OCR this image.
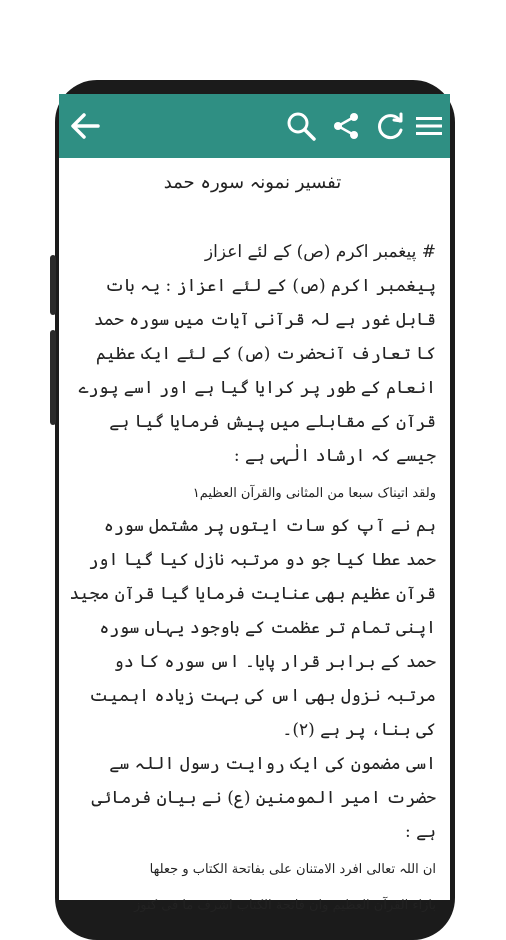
تفسیر نمونہ سورہ حمد

# پیغمبر اکرم (ص) کے لئے اعزاز

پیغمبر اکرم (ص) کے لئے اعزاز : یہ بات قابل غور ہے لہ قرآنی آیات میں سورہ حمد کا تعارف آنحضرت (ص) کے لئے ایک عظیم انعام کے طور پر کرایا گیا ہے اور اسے پورے قرآن کے مقابلے میں پیش فرمایا گیا ہے جیسے کہ ارشاد الٰہی ہے :

ولقد اتیناک سبعا من المثانی والقرآن العظیم۱

ہم نے آپ کو سات ایتوں پر مشتمل سورہ حمد عطا کیا جو دو مرتبہ نازل کیا گیا اور قرآن عظیم بھی عنایت فرمایا گیا قرآن مجید اپنی تمام تر عظمت کے باوجود یہاں سورہ حمد کے برابر قرار پایا۔ اس سورہ کا دو مرتبہ نزول بھی اس کی بہت زیادہ اہمیت کی بنا، پر ہے (۲)۔

اسی مضمون کی ایک روایت رسول اللہ سے حضرت امیر المومنین (ع) نے بیان فرمائی ہے :

ان اللہ تعالی افرد الامتنان علی بفاتحة الکتاب و جعلها

بازاء القرآن العظیم وان فاتحة الکتاب اشرف ما فی کنوز
